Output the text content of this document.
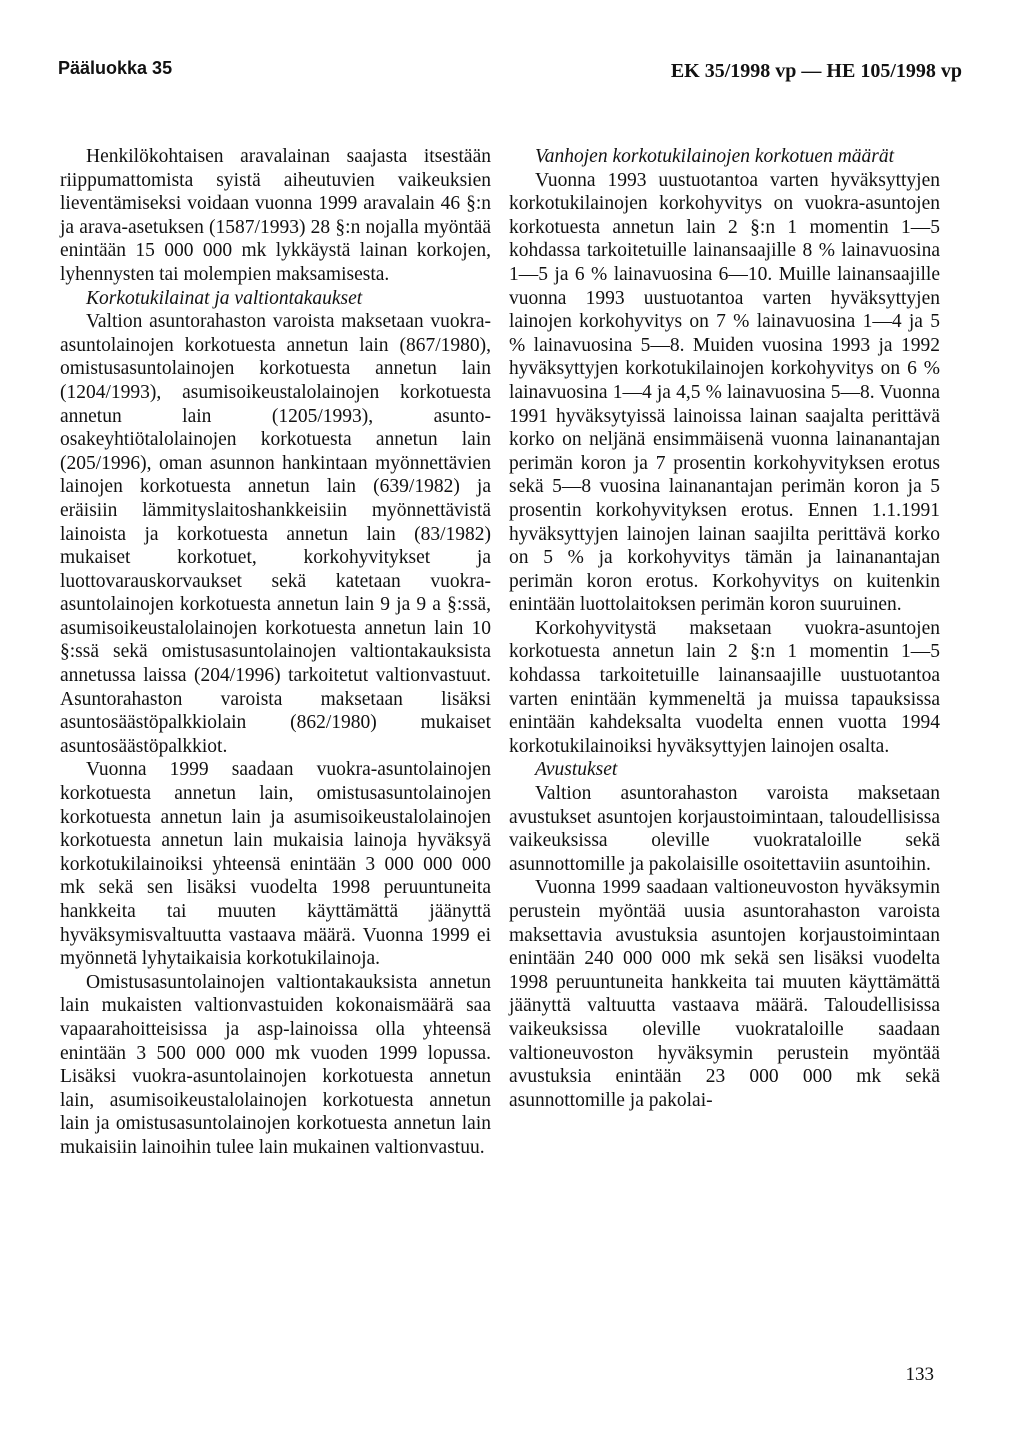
Pääluokka 35	EK 35/1998 vp — HE 105/1998 vp

Henkilökohtaisen aravalainan saajasta itsestään riippumattomista syistä aiheutuvien vaikeuksien lieventämiseksi voidaan vuonna 1999 aravalain 46 §:n ja arava-asetuksen (1587/1993) 28 §:n nojalla myöntää enintään 15 000 000 mk lykkäystä lainan korkojen, lyhennysten tai molempien maksamisesta.

Korkotukilainat ja valtiontakaukset

Valtion asuntorahaston varoista maksetaan vuokra-asuntolainojen korkotuesta annetun lain (867/1980), omistusasuntolainojen korkotuesta annetun lain (1204/1993), asumisoikeustalolainojen korkotuesta annetun lain (1205/1993), asunto-osakeyhtiötalolainojen korkotuesta annetun lain (205/1996), oman asunnon hankintaan myönnettävien lainojen korkotuesta annetun lain (639/1982) ja eräisiin lämmityslaitoshankkeisiin myönnettävistä lainoista ja korkotuesta annetun lain (83/1982) mukaiset korkotuet, korkohyvitykset ja luottovarauskorvaukset sekä katetaan vuokra-asuntolainojen korkotuesta annetun lain 9 ja 9 a §:ssä, asumisoikeustalolainojen korkotuesta annetun lain 10 §:ssä sekä omistusasuntolainojen valtiontakauksista annetussa laissa (204/1996) tarkoitetut valtionvastuut. Asuntorahaston varoista maksetaan lisäksi asuntosäästöpalkkiolain (862/1980) mukaiset asuntosäästöpalkkiot.

Vuonna 1999 saadaan vuokra-asuntolainojen korkotuesta annetun lain, omistusasuntolainojen korkotuesta annetun lain ja asumisoikeustalolainojen korkotuesta annetun lain mukaisia lainoja hyväksyä korkotukilainoiksi yhteensä enintään 3 000 000 000 mk sekä sen lisäksi vuodelta 1998 peruuntuneita hankkeita tai muuten käyttämättä jäänyttä hyväksymisvaltuutta vastaava määrä. Vuonna 1999 ei myönnetä lyhytaikaisia korkotukilainoja.

Omistusasuntolainojen valtiontakauksista annetun lain mukaisten valtionvastuiden kokonaismäärä saa vapaarahoitteisissa ja asp-lainoissa olla yhteensä enintään 3 500 000 000 mk vuoden 1999 lopussa. Lisäksi vuokra-asuntolainojen korkotuesta annetun lain, asumisoikeustalolainojen korkotuesta annetun lain ja omistusasuntolainojen korkotuesta annetun lain mukaisiin lainoihin tulee lain mukainen valtionvastuu.

Vanhojen korkotukilainojen korkotuen määrät

Vuonna 1993 uustuotantoa varten hyväksyttyjen korkotukilainojen korkohyvitys on vuokra-asuntojen korkotuesta annetun lain 2 §:n 1 momentin 1—5 kohdassa tarkoitetuille lainansaajille 8 % lainavuosina 1—5 ja 6 % lainavuosina 6—10. Muille lainansaajille vuonna 1993 uustuotantoa varten hyväksyttyjen lainojen korkohyvitys on 7 % lainavuosina 1—4 ja 5 % lainavuosina 5—8. Muiden vuosina 1993 ja 1992 hyväksyttyjen korkotukilainojen korkohyvitys on 6 % lainavuosina 1—4 ja 4,5 % lainavuosina 5—8. Vuonna 1991 hyväksytyissä lainoissa lainan saajalta perittävä korko on neljänä ensimmäisenä vuonna lainanantajan perimän koron ja 7 prosentin korkohyvityksen erotus sekä 5—8 vuosina lainanantajan perimän koron ja 5 prosentin korkohyvityksen erotus. Ennen 1.1.1991 hyväksyttyjen lainojen lainan saajilta perittävä korko on 5 % ja korkohyvitys tämän ja lainanantajan perimän koron erotus. Korkohyvitys on kuitenkin enintään luottolaitoksen perimän koron suuruinen.

Korkohyvitystä maksetaan vuokra-asuntojen korkotuesta annetun lain 2 §:n 1 momentin 1—5 kohdassa tarkoitetuille lainansaajille uustuotantoa varten enintään kymmeneltä ja muissa tapauksissa enintään kahdeksalta vuodelta ennen vuotta 1994 korkotukilainoiksi hyväksyttyjen lainojen osalta.

Avustukset

Valtion asuntorahaston varoista maksetaan avustukset asuntojen korjaustoimintaan, taloudellisissa vaikeuksissa oleville vuokrataloille sekä asunnottomille ja pakolaisille osoitettaviin asuntoihin.

Vuonna 1999 saadaan valtioneuvoston hyväksymin perustein myöntää uusia asuntorahaston varoista maksettavia avustuksia asuntojen korjaustoimintaan enintään 240 000 000 mk sekä sen lisäksi vuodelta 1998 peruuntuneita hankkeita tai muuten käyttämättä jäänyttä valtuutta vastaava määrä. Taloudellisissa vaikeuksissa oleville vuokrataloille saadaan valtioneuvoston hyväksymin perustein myöntää avustuksia enintään 23 000 000 mk sekä asunnottomille ja pakolai-

133
